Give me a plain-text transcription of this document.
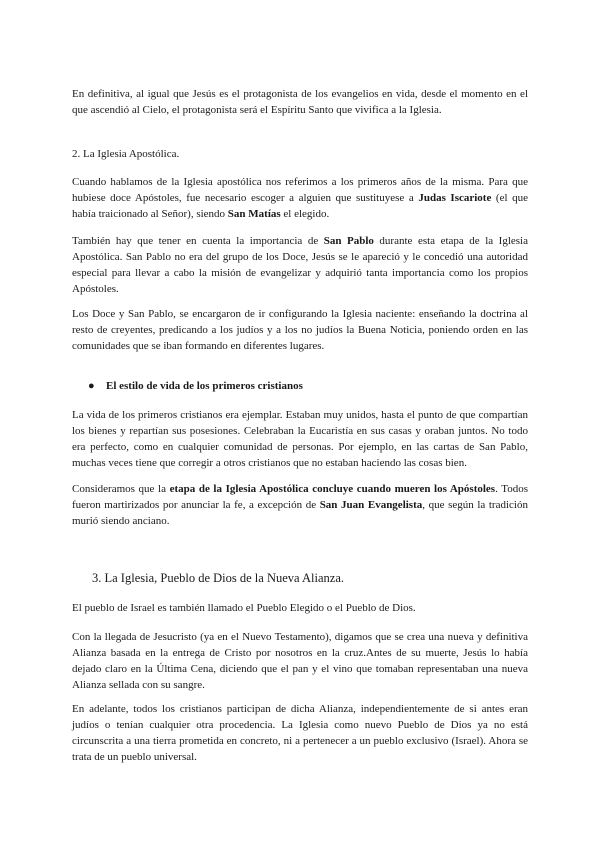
En definitiva, al igual que Jesús es el protagonista de los evangelios en vida, desde el momento en el que ascendió al Cielo, el protagonista será el Espíritu Santo que vivifica a la Iglesia.

2. La Iglesia Apostólica.

Cuando hablamos de la Iglesia apostólica nos referimos a los primeros años de la misma. Para que hubiese doce Apóstoles, fue necesario escoger a alguien que sustituyese a Judas Iscariote (el que había traicionado al Señor), siendo San Matías el elegido.

También hay que tener en cuenta la importancia de San Pablo durante esta etapa de la Iglesia Apostólica. San Pablo no era del grupo de los Doce, Jesús se le apareció y le concedió una autoridad especial para llevar a cabo la misión de evangelizar y adquirió tanta importancia como los propios Apóstoles.

Los Doce y San Pablo, se encargaron de ir configurando la Iglesia naciente: enseñando la doctrina al resto de creyentes, predicando a los judíos y a los no judíos la Buena Noticia, poniendo orden en las comunidades que se iban formando en diferentes lugares.

● El estilo de vida de los primeros cristianos

La vida de los primeros cristianos era ejemplar. Estaban muy unidos, hasta el punto de que compartían los bienes y repartían sus posesiones. Celebraban la Eucaristía en sus casas y oraban juntos. No todo era perfecto, como en cualquier comunidad de personas. Por ejemplo, en las cartas de San Pablo, muchas veces tiene que corregir a otros cristianos que no estaban haciendo las cosas bien.

Consideramos que la etapa de la Iglesia Apostólica concluye cuando mueren los Apóstoles. Todos fueron martirizados por anunciar la fe, a excepción de San Juan Evangelista, que según la tradición murió siendo anciano.

3. La Iglesia, Pueblo de Dios de la Nueva Alianza.

El pueblo de Israel es también llamado el Pueblo Elegido o el Pueblo de Dios.

Con la llegada de Jesucristo (ya en el Nuevo Testamento), digamos que se crea una nueva y definitiva Alianza basada en la entrega de Cristo por nosotros en la cruz.Antes de su muerte, Jesús lo había dejado claro en la Última Cena, diciendo que el pan y el vino que tomaban representaban una nueva Alianza sellada con su sangre.

En adelante, todos los cristianos participan de dicha Alianza, independientemente de si antes eran judíos o tenían cualquier otra procedencia. La Iglesia como nuevo Pueblo de Dios ya no está circunscrita a una tierra prometida en concreto, ni a pertenecer a un pueblo exclusivo (Israel). Ahora se trata de un pueblo universal.
